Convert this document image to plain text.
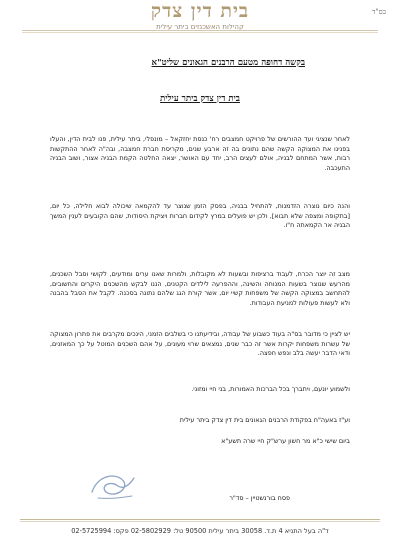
בס"ד
בית דין צדק
קהילות האשכנזים ביתר עילית
בקשה דחופה מטעם הרבנים הגאונים שליט"א
בית דין צדק ביתר עילית
לאחר שנציגי ועד ההורשים של פרויקט חמצבים רח' כנסת יחזקאל – מונפלי, ביתר עילית, פנו לבית הדין, והעלו בפנינו את המצוקה הקשה שהם נתונים בה זה ארבע שנים, מקריסת חברת חמצבה, ובה"ה לאחר ההתקשות רבות, אשר המתחם לבניה, אולם לעצים הרב, יחד עם האושר, יצאה החלטה הקמת הבניה אצור, ושוב הבניה התעכבה.
והנה כיום נוצרה הזדמנות, להתחיל בבניה, בפסק הזמן שנוצר עד להקמאה שיכולה לבוא חלילה, כל יום, [בתקופה ומצפה שלא תבוא], ולכן יש פועלים במרץ לקידום חברות ויציקת היסודות, שהם הקובעים לענין המשך הבניה אר הקמאתה ח"ו.
מצב זה יוצר הכרח, לעבוד ברציפות ובשעות לא מקובלות, ולמרות שאנו ערים ומודעים, לקושי וסבל השכנים, מהרעש שנוצר בשעות המנוחה והשינה, וההפרעה לילדים הקטנים, הננו לבקש מהשכנים היקרים והחשובים, להתחשב במצוקה הקשה של משפחות קשיי יום, אשר קורת הגג שלהם נתונה בסכנה. לקבל את הסבל בהבנה ולא לעשות פעולות למניעת העבודות.
יש לציין כי מדובר בס"ה בעוד כשבוע של עבודה, ובידיעתנו כי בשלבים הזמני, הינכים מקרבים את פתרון המצוקה של עשרות משפחות יקרות אשר זה כבר שנים, נמצאים שרוי מעונים, על אהם השכנים המוטל על כך המאזנים, ודאי הדבר יעשה בלב ונפש חפצה.
ולשמוע יונעם, ויתברך בכל הברכות האמורות, בני חיי ומזוני.
וע"ז באעה"ח בפקודת הרבנים הגאונים בית דין צדק ביתר עילית
ביום שישי כ"א מר חשון ערש"ק חיי שרה תשע"א
פסח בורנשטיין – סד"ר
ד"ה בעל התניא 4 ת.ד. 30058 ביתר עילית 90500 טל: 02-5802929 פקס: 02-5725994
